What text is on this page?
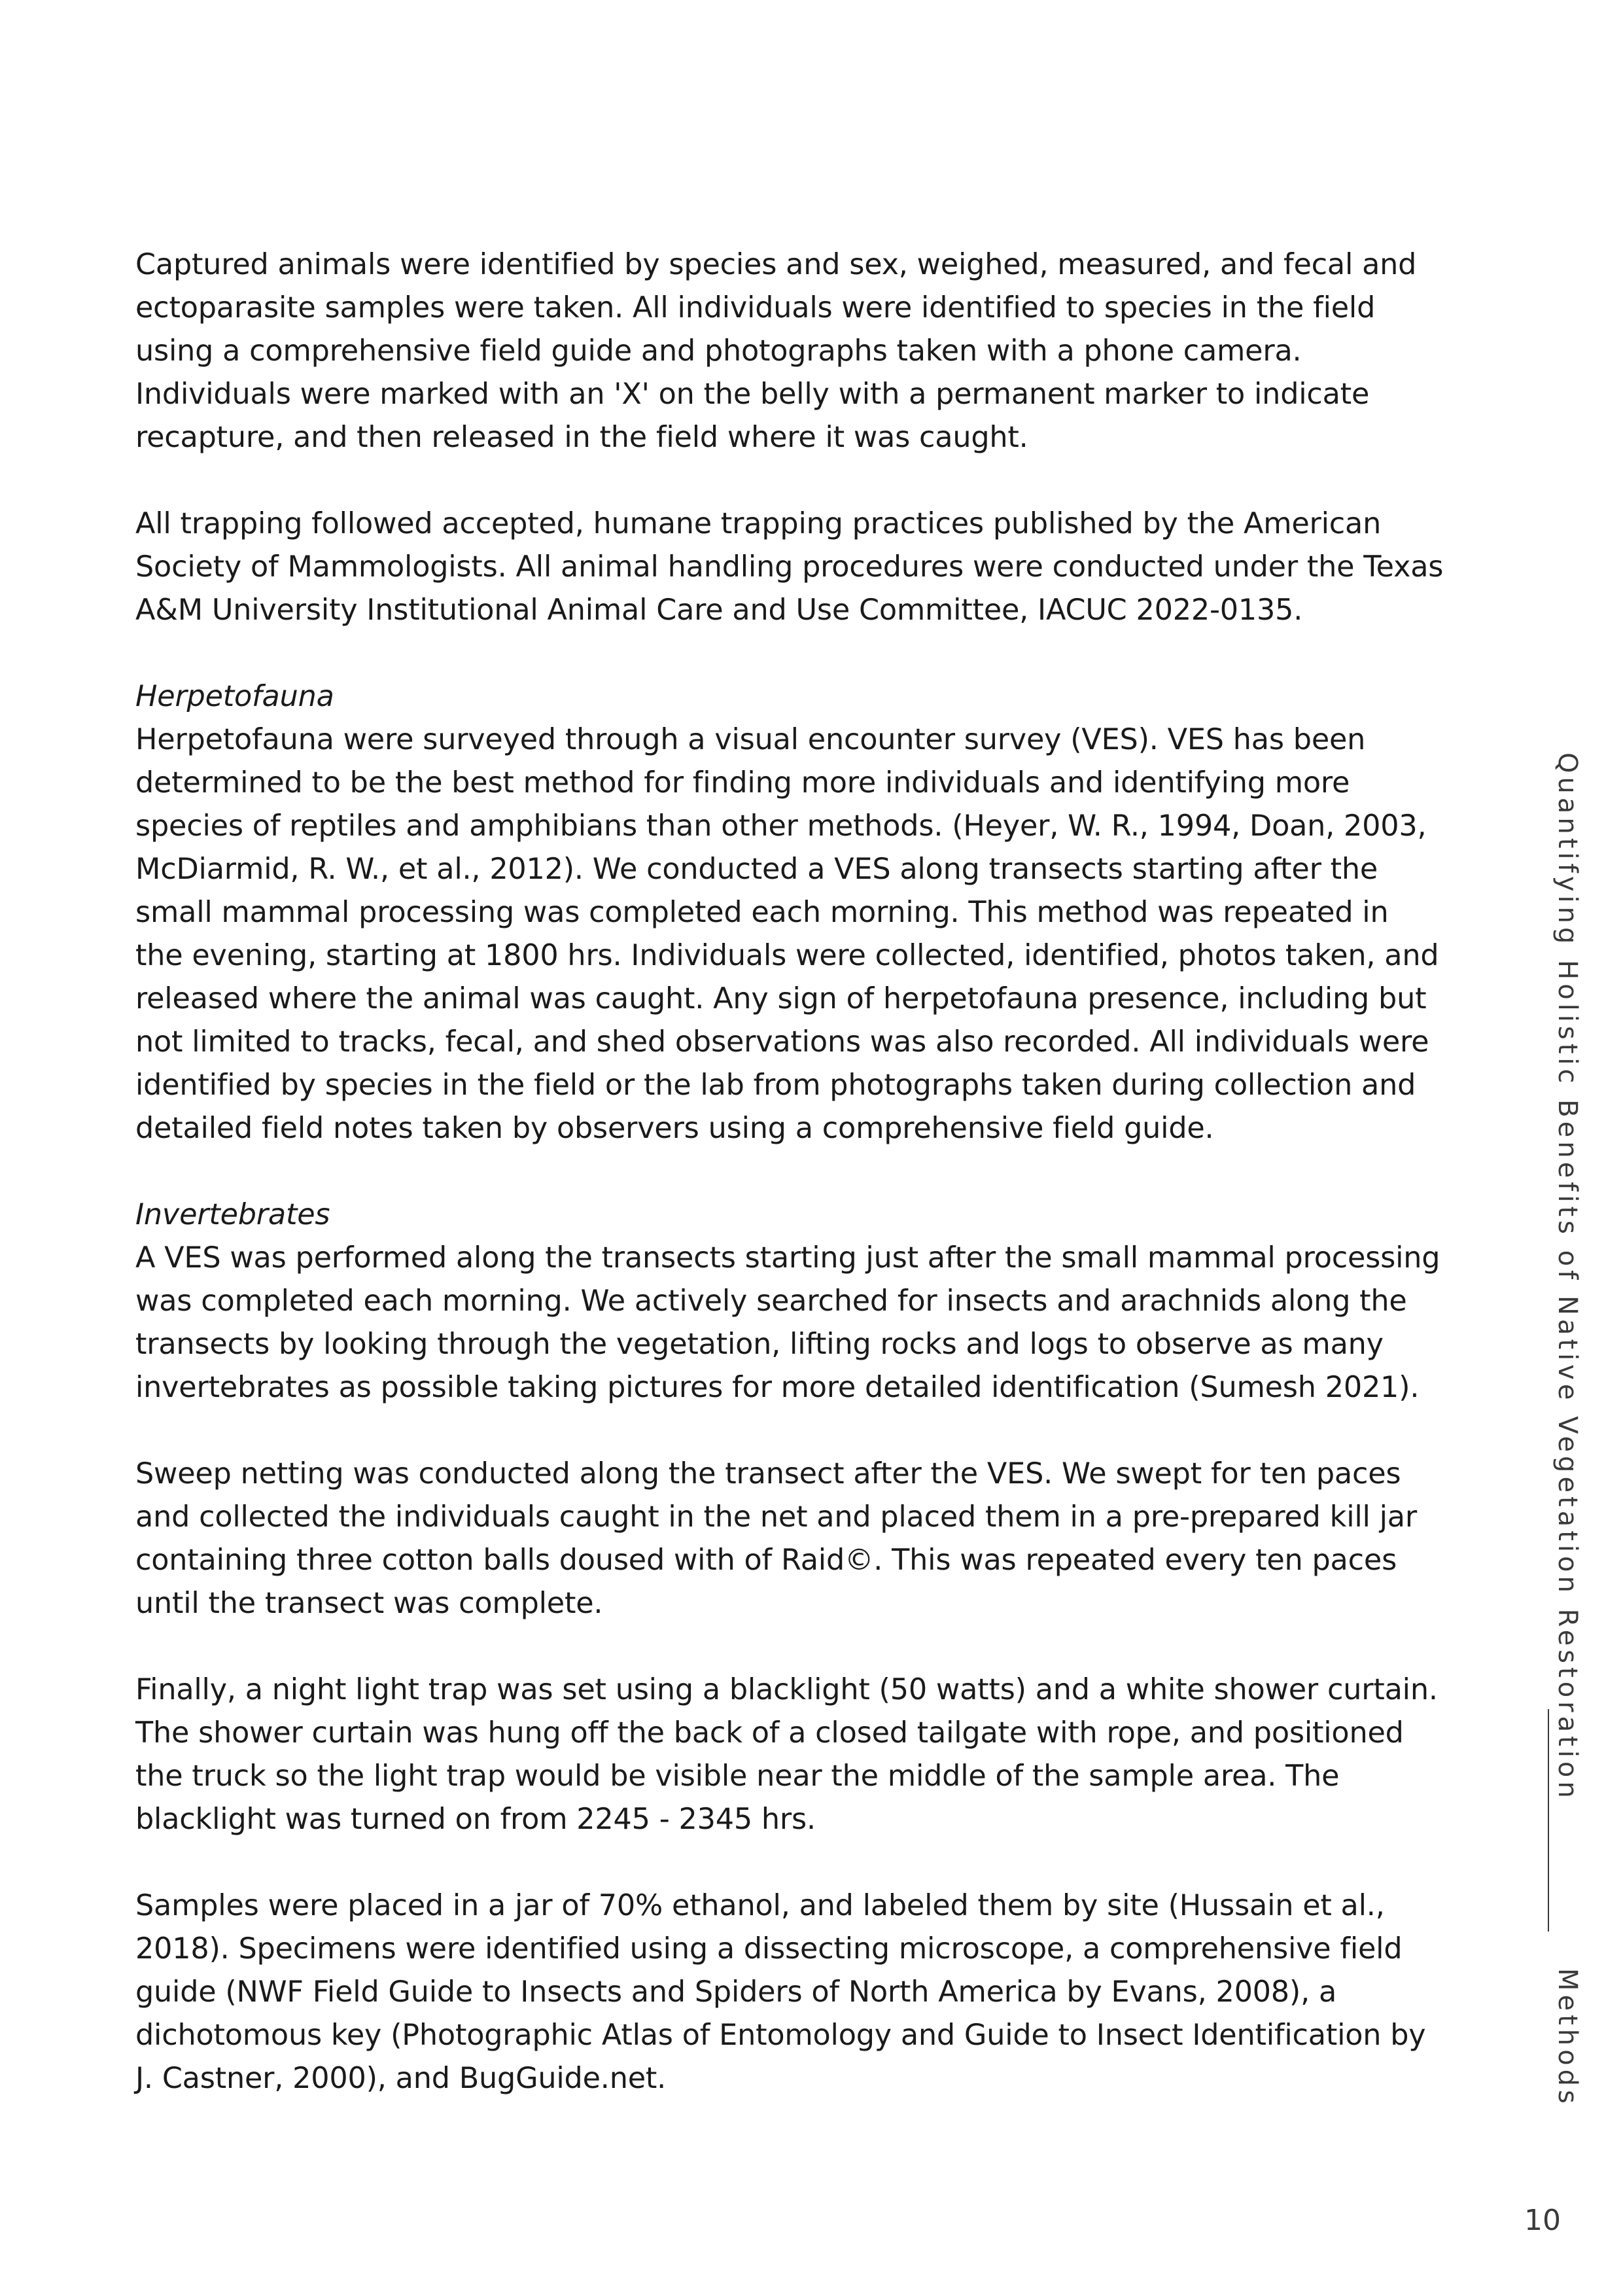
Captured animals were identified by species and sex, weighed, measured, and fecal and ectoparasite samples were taken. All individuals were identified to species in the field using a comprehensive field guide and photographs taken with a phone camera. Individuals were marked with an 'X' on the belly with a permanent marker to indicate recapture, and then released in the field where it was caught.

All trapping followed accepted, humane trapping practices published by the American Society of Mammologists. All animal handling procedures were conducted under the Texas A&M University Institutional Animal Care and Use Committee, IACUC 2022-0135.

Herpetofauna

Herpetofauna were surveyed through a visual encounter survey (VES). VES has been determined to be the best method for finding more individuals and identifying more species of reptiles and amphibians than other methods. (Heyer, W. R., 1994, Doan, 2003, McDiarmid, R. W., et al., 2012). We conducted a VES along transects starting after the small mammal processing was completed each morning. This method was repeated in the evening, starting at 1800 hrs. Individuals were collected, identified, photos taken, and released where the animal was caught. Any sign of herpetofauna presence, including but not limited to tracks, fecal, and shed observations was also recorded. All individuals were identified by species in the field or the lab from photographs taken during collection and detailed field notes taken by observers using a comprehensive field guide.

Invertebrates

A VES was performed along the transects starting just after the small mammal processing was completed each morning. We actively searched for insects and arachnids along the transects by looking through the vegetation, lifting rocks and logs to observe as many invertebrates as possible taking pictures for more detailed identification (Sumesh 2021).

Sweep netting was conducted along the transect after the VES. We swept for ten paces and collected the individuals caught in the net and placed them in a pre-prepared kill jar containing three cotton balls doused with of Raid©. This was repeated every ten paces until the transect was complete.

Finally, a night light trap was set using a blacklight (50 watts) and a white shower curtain. The shower curtain was hung off the back of a closed tailgate with rope, and positioned the truck so the light trap would be visible near the middle of the sample area. The blacklight was turned on from 2245 - 2345 hrs.

Samples were placed in a jar of 70% ethanol, and labeled them by site (Hussain et al., 2018). Specimens were identified using a dissecting microscope, a comprehensive field guide (NWF Field Guide to Insects and Spiders of North America by Evans, 2008), a dichotomous key (Photographic Atlas of Entomology and Guide to Insect Identification by J. Castner, 2000), and BugGuide.net.

Quantifying Holistic Benefits of Native Vegetation Restoration
Methods
10
